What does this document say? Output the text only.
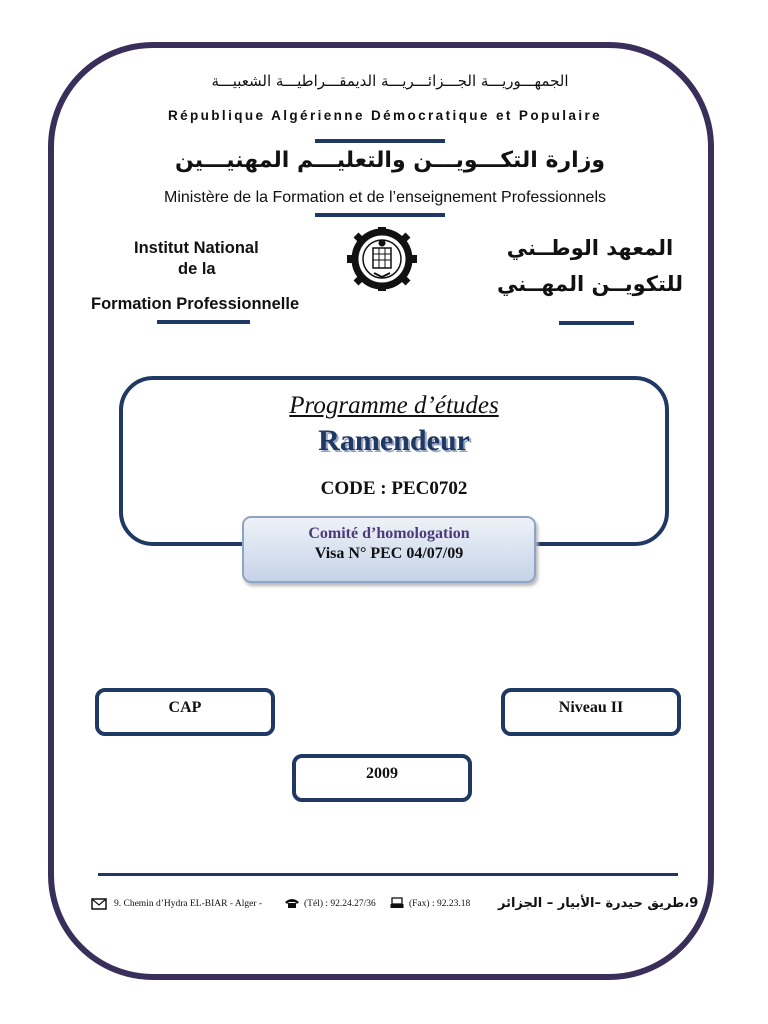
الجمهـــوريـــة الجـــزائـــريـــة الديمقـــراطيـــة الشعبيـــة
République Algérienne Démocratique et Populaire
وزارة التكـــويـــن والتعليـــم المهنيـــين
Ministère de la Formation et de l’enseignement Professionnels
Institut National
de la
Formation Professionnelle
المعهد الوطــني
للتكويــن المهــني
Programme d’études
Ramendeur
CODE : PEC0702
Comité d’homologation
Visa N° PEC 04/07/09
CAP	Niveau II
2009
9. Chemin d’Hydra EL-BIAR - Alger -	(Tél) : 92.24.27/36	(Fax) : 92.23.18 9،طريق حيدرة –الأبيار – الجزائر
